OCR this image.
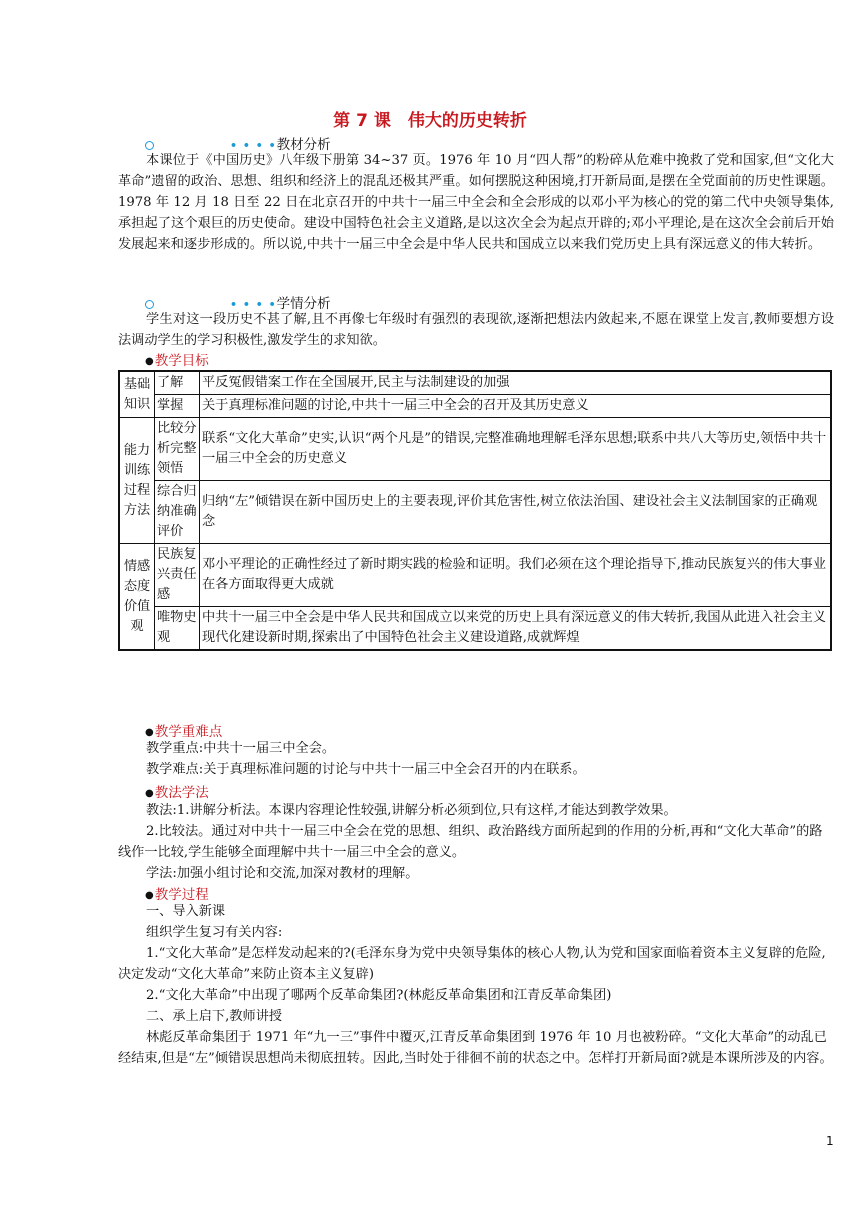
第 7 课　伟大的历史转折
• • • •教材分析

本课位于《中国历史》八年级下册第 34~37 页。1976 年 10 月“四人帮”的粉碎从危难中挽救了党和国家,但“文化大革命”遗留的政治、思想、组织和经济上的混乱还极其严重。如何摆脱这种困境,打开新局面,是摆在全党面前的历史性课题。1978 年 12 月 18 日至 22 日在北京召开的中共十一届三中全会和全会形成的以邓小平为核心的党的第二代中央领导集体,承担起了这个艰巨的历史使命。建设中国特色社会主义道路,是以这次全会为起点开辟的;邓小平理论,是在这次全会前后开始发展起来和逐步形成的。所以说,中共十一届三中全会是中华人民共和国成立以来我们党历史上具有深远意义的伟大转折。

• • • •学情分析

学生对这一段历史不甚了解,且不再像七年级时有强烈的表现欲,逐渐把想法内敛起来,不愿在课堂上发言,教师要想方设法调动学生的学习积极性,激发学生的求知欲。

●教学目标
基础知识	了解	平反冤假错案工作在全国展开,民主与法制建设的加强
	掌握	关于真理标准问题的讨论,中共十一届三中全会的召开及其历史意义
能力训练过程方法	比较分析完整领悟	联系“文化大革命”史实,认识“两个凡是”的错误,完整准确地理解毛泽东思想;联系中共八大等历史,领悟中共十一届三中全会的历史意义
	综合归纳准确评价	归纳“左”倾错误在新中国历史上的主要表现,评价其危害性,树立依法治国、建设社会主义法制国家的正确观念
情感态度价值观	民族复兴责任感	邓小平理论的正确性经过了新时期实践的检验和证明。我们必须在这个理论指导下,推动民族复兴的伟大事业在各方面取得更大成就
	唯物史观	中共十一届三中全会是中华人民共和国成立以来党的历史上具有深远意义的伟大转折,我国从此进入社会主义现代化建设新时期,探索出了中国特色社会主义建设道路,成就辉煌
●教学重难点
教学重点:中共十一届三中全会。
教学难点:关于真理标准问题的讨论与中共十一届三中全会召开的内在联系。
●教法学法
教法:1.讲解分析法。本课内容理论性较强,讲解分析必须到位,只有这样,才能达到教学效果。
2.比较法。通过对中共十一届三中全会在党的思想、组织、政治路线方面所起到的作用的分析,再和“文化大革命”的路线作一比较,学生能够全面理解中共十一届三中全会的意义。
学法:加强小组讨论和交流,加深对教材的理解。
●教学过程
一、导入新课
组织学生复习有关内容:
1.“文化大革命”是怎样发动起来的?(毛泽东身为党中央领导集体的核心人物,认为党和国家面临着资本主义复辟的危险,决定发动“文化大革命”来防止资本主义复辟)
2.“文化大革命”中出现了哪两个反革命集团?(林彪反革命集团和江青反革命集团)
二、承上启下,教师讲授
林彪反革命集团于 1971 年“九一三”事件中覆灭,江青反革命集团到 1976 年 10 月也被粉碎。“文化大革命”的动乱已经结束,但是“左”倾错误思想尚未彻底扭转。因此,当时处于徘徊不前的状态之中。怎样打开新局面?就是本课所涉及的内容。
1
